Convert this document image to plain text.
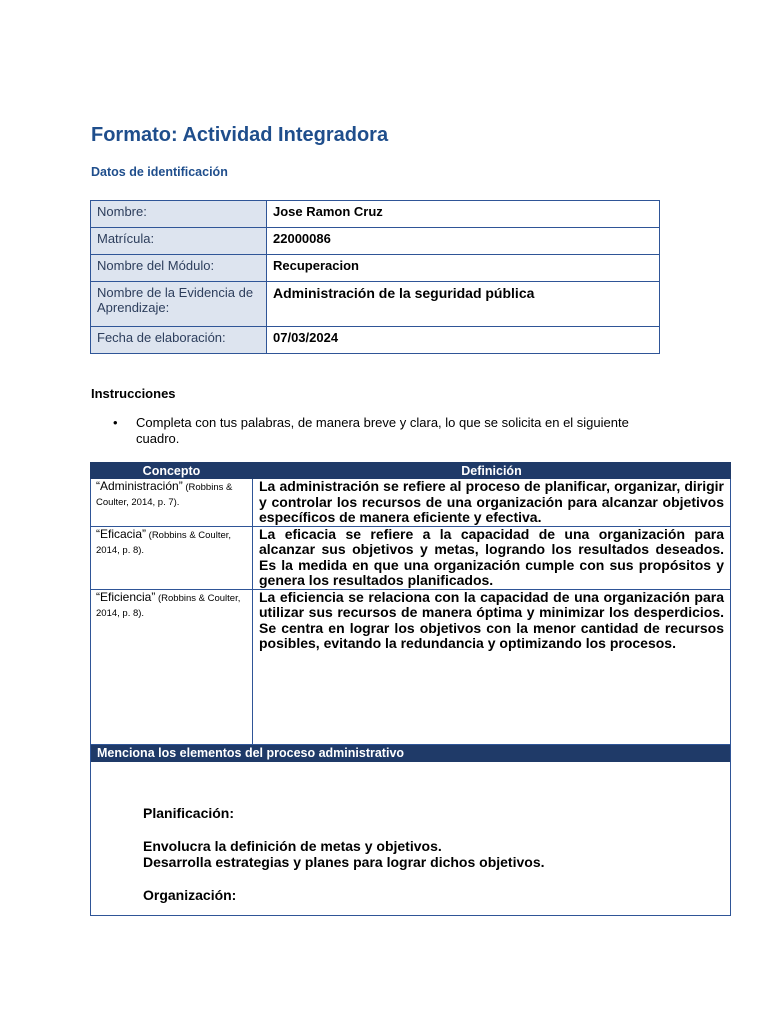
Formato: Actividad Integradora
Datos de identificación
Nombre:	Jose Ramon Cruz
Matrícula:	22000086
Nombre del Módulo:	Recuperacion
Nombre de la Evidencia de Aprendizaje:	Administración de la seguridad pública
Fecha de elaboración:	07/03/2024

Instrucciones

• Completa con tus palabras, de manera breve y clara, lo que se solicita en el siguiente cuadro.
Concepto	Definición
“Administración” (Robbins & Coulter, 2014, p. 7).	La administración se refiere al proceso de planificar, organizar, dirigir y controlar los recursos de una organización para alcanzar objetivos específicos de manera eficiente y efectiva.
“Eficacia” (Robbins & Coulter, 2014, p. 8).	La eficacia se refiere a la capacidad de una organización para alcanzar sus objetivos y metas, logrando los resultados deseados. Es la medida en que una organización cumple con sus propósitos y genera los resultados planificados.
“Eficiencia” (Robbins & Coulter, 2014, p. 8).	La eficiencia se relaciona con la capacidad de una organización para utilizar sus recursos de manera óptima y minimizar los desperdicios. Se centra en lograr los objetivos con la menor cantidad de recursos posibles, evitando la redundancia y optimizando los procesos.
Menciona los elementos del proceso administrativo

Planificación:

Envolucra la definición de metas y objetivos.

Desarrolla estrategias y planes para lograr dichos objetivos.

Organización:
